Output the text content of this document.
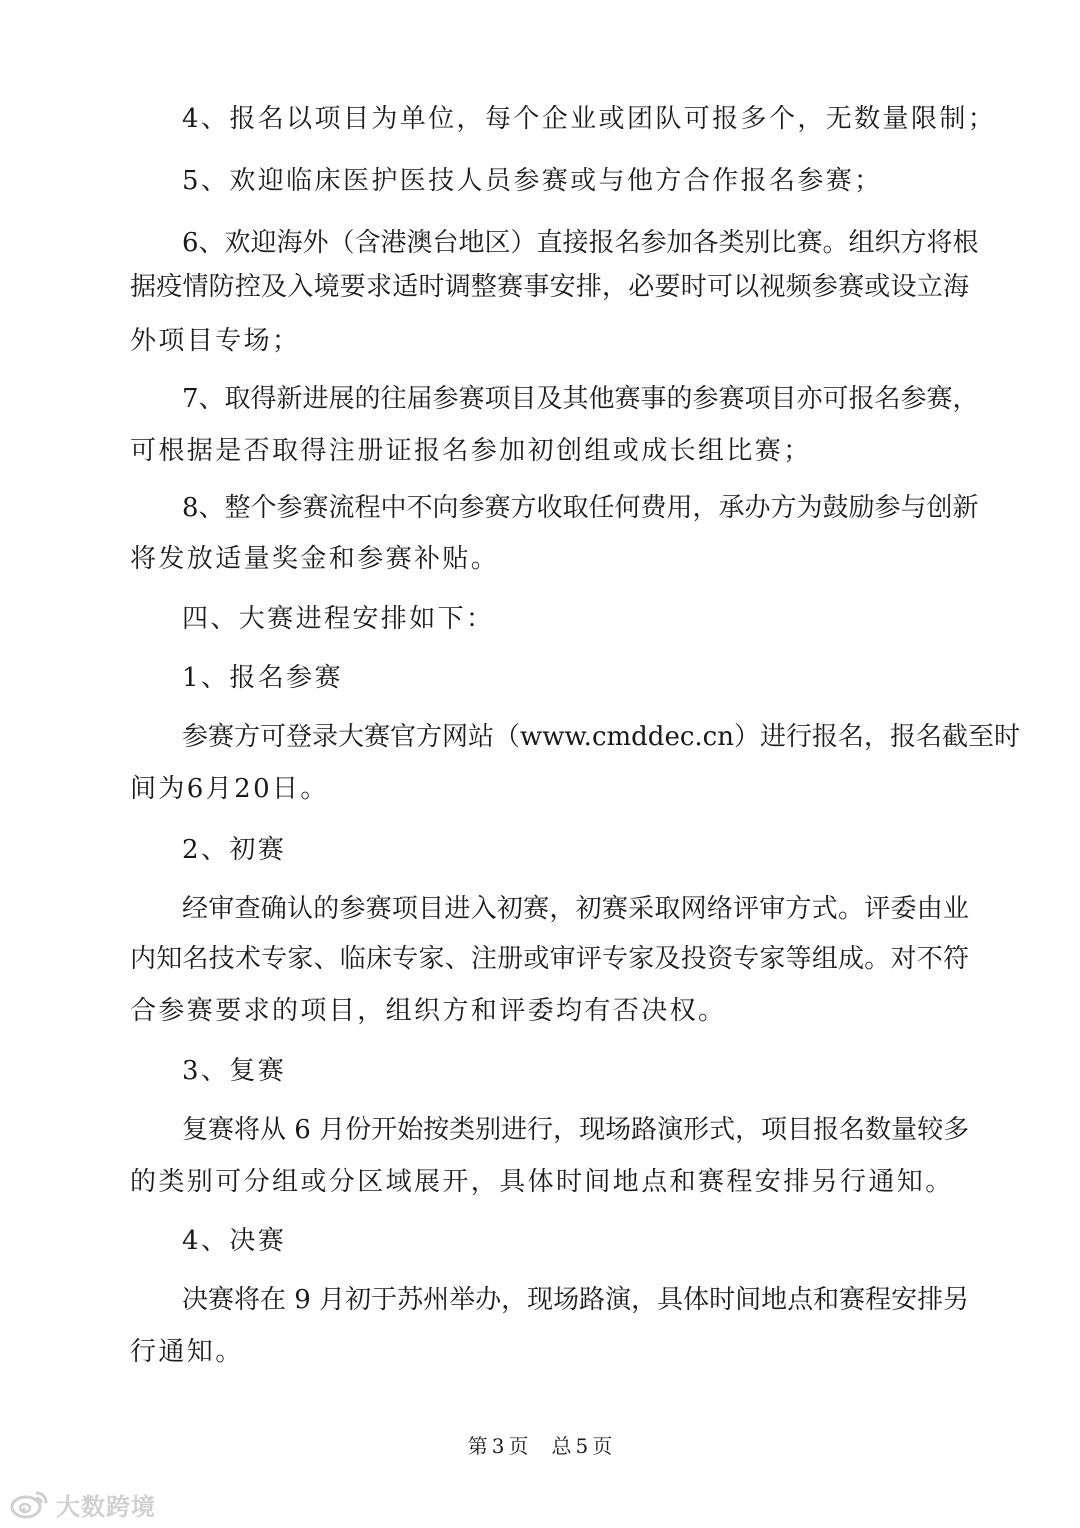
4、报名以项目为单位，每个企业或团队可报多个，无数量限制；
5、欢迎临床医护医技人员参赛或与他方合作报名参赛；
6、欢迎海外（含港澳台地区）直接报名参加各类别比赛。组织方将根
据疫情防控及入境要求适时调整赛事安排，必要时可以视频参赛或设立海
外项目专场；
7、取得新进展的往届参赛项目及其他赛事的参赛项目亦可报名参赛，
可根据是否取得注册证报名参加初创组或成长组比赛；
8、整个参赛流程中不向参赛方收取任何费用，承办方为鼓励参与创新
将发放适量奖金和参赛补贴。
四、大赛进程安排如下：
1、报名参赛
参赛方可登录大赛官方网站（www.cmddec.cn）进行报名，报名截至时
间为6月20日。
2、初赛
经审查确认的参赛项目进入初赛，初赛采取网络评审方式。评委由业
内知名技术专家、临床专家、注册或审评专家及投资专家等组成。对不符
合参赛要求的项目，组织方和评委均有否决权。
3、复赛
复赛将从 6 月份开始按类别进行，现场路演形式，项目报名数量较多
的类别可分组或分区域展开，具体时间地点和赛程安排另行通知。
4、决赛
决赛将在 9 月初于苏州举办，现场路演，具体时间地点和赛程安排另
行通知。
第 3 页 总 5 页
大数跨境
